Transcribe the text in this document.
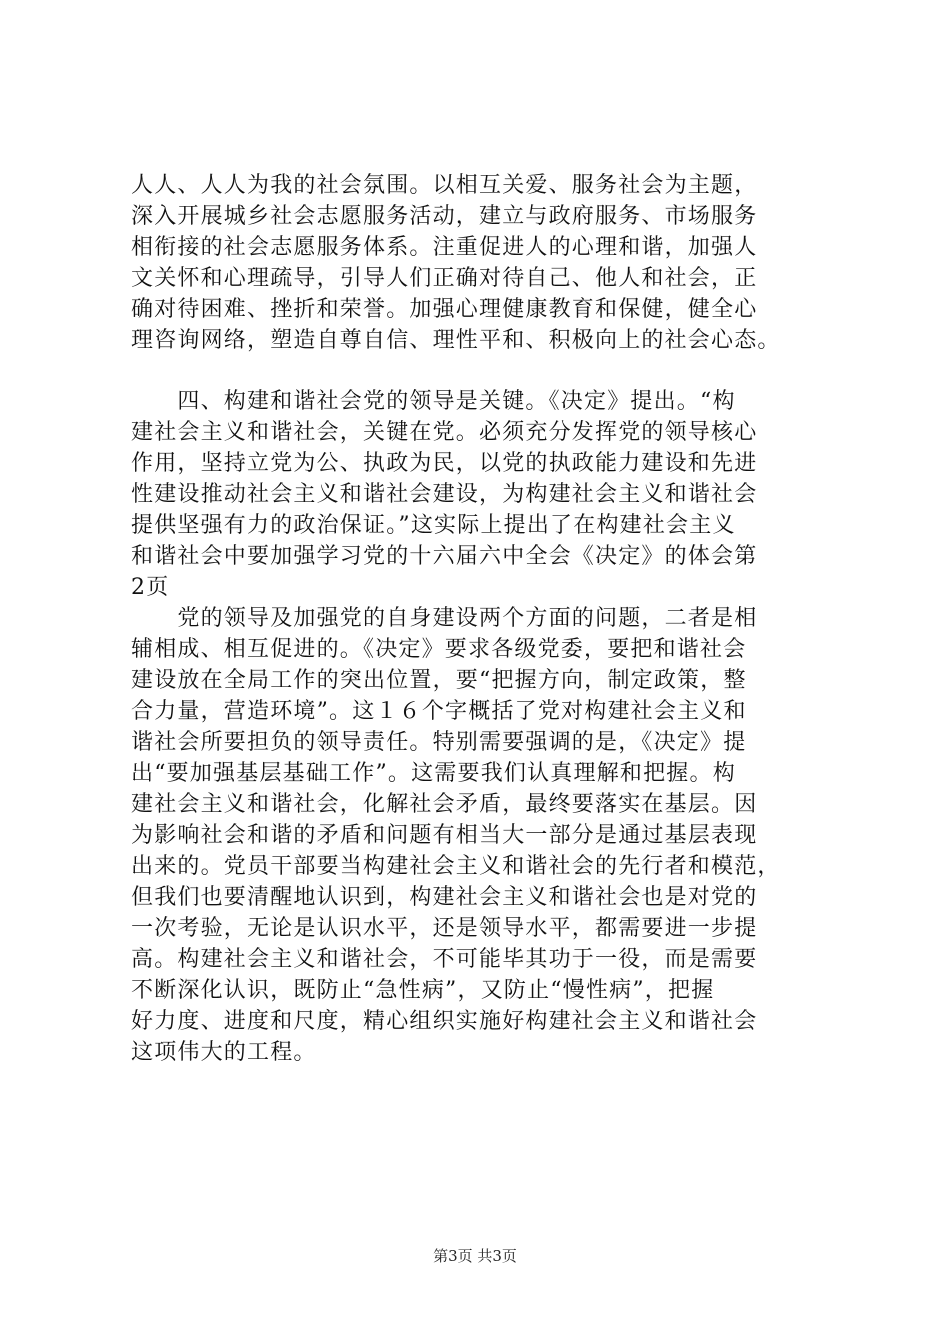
人人、人人为我的社会氛围。以相互关爱、服务社会为主题，
深入开展城乡社会志愿服务活动，建立与政府服务、市场服务
相衔接的社会志愿服务体系。注重促进人的心理和谐，加强人
文关怀和心理疏导，引导人们正确对待自己、他人和社会，正
确对待困难、挫折和荣誉。加强心理健康教育和保健，健全心
理咨询网络，塑造自尊自信、理性平和、积极向上的社会心态。
　　四、构建和谐社会党的领导是关键。《决定》提出。“构
建社会主义和谐社会，关键在党。必须充分发挥党的领导核心
作用，坚持立党为公、执政为民，以党的执政能力建设和先进
性建设推动社会主义和谐社会建设，为构建社会主义和谐社会
提供坚强有力的政治保证。”这实际上提出了在构建社会主义
和谐社会中要加强学习党的十六届六中全会《决定》的体会第
2页
　　党的领导及加强党的自身建设两个方面的问题，二者是相
辅相成、相互促进的。《决定》要求各级党委，要把和谐社会
建设放在全局工作的突出位置，要“把握方向，制定政策，整
合力量，营造环境”。这１６个字概括了党对构建社会主义和
谐社会所要担负的领导责任。特别需要强调的是，《决定》提
出“要加强基层基础工作”。这需要我们认真理解和把握。构
建社会主义和谐社会，化解社会矛盾，最终要落实在基层。因
为影响社会和谐的矛盾和问题有相当大一部分是通过基层表现
出来的。党员干部要当构建社会主义和谐社会的先行者和模范，
但我们也要清醒地认识到，构建社会主义和谐社会也是对党的
一次考验，无论是认识水平，还是领导水平，都需要进一步提
高。构建社会主义和谐社会，不可能毕其功于一役，而是需要
不断深化认识，既防止“急性病”，又防止“慢性病”，把握
好力度、进度和尺度，精心组织实施好构建社会主义和谐社会
这项伟大的工程。
第3页 共3页
